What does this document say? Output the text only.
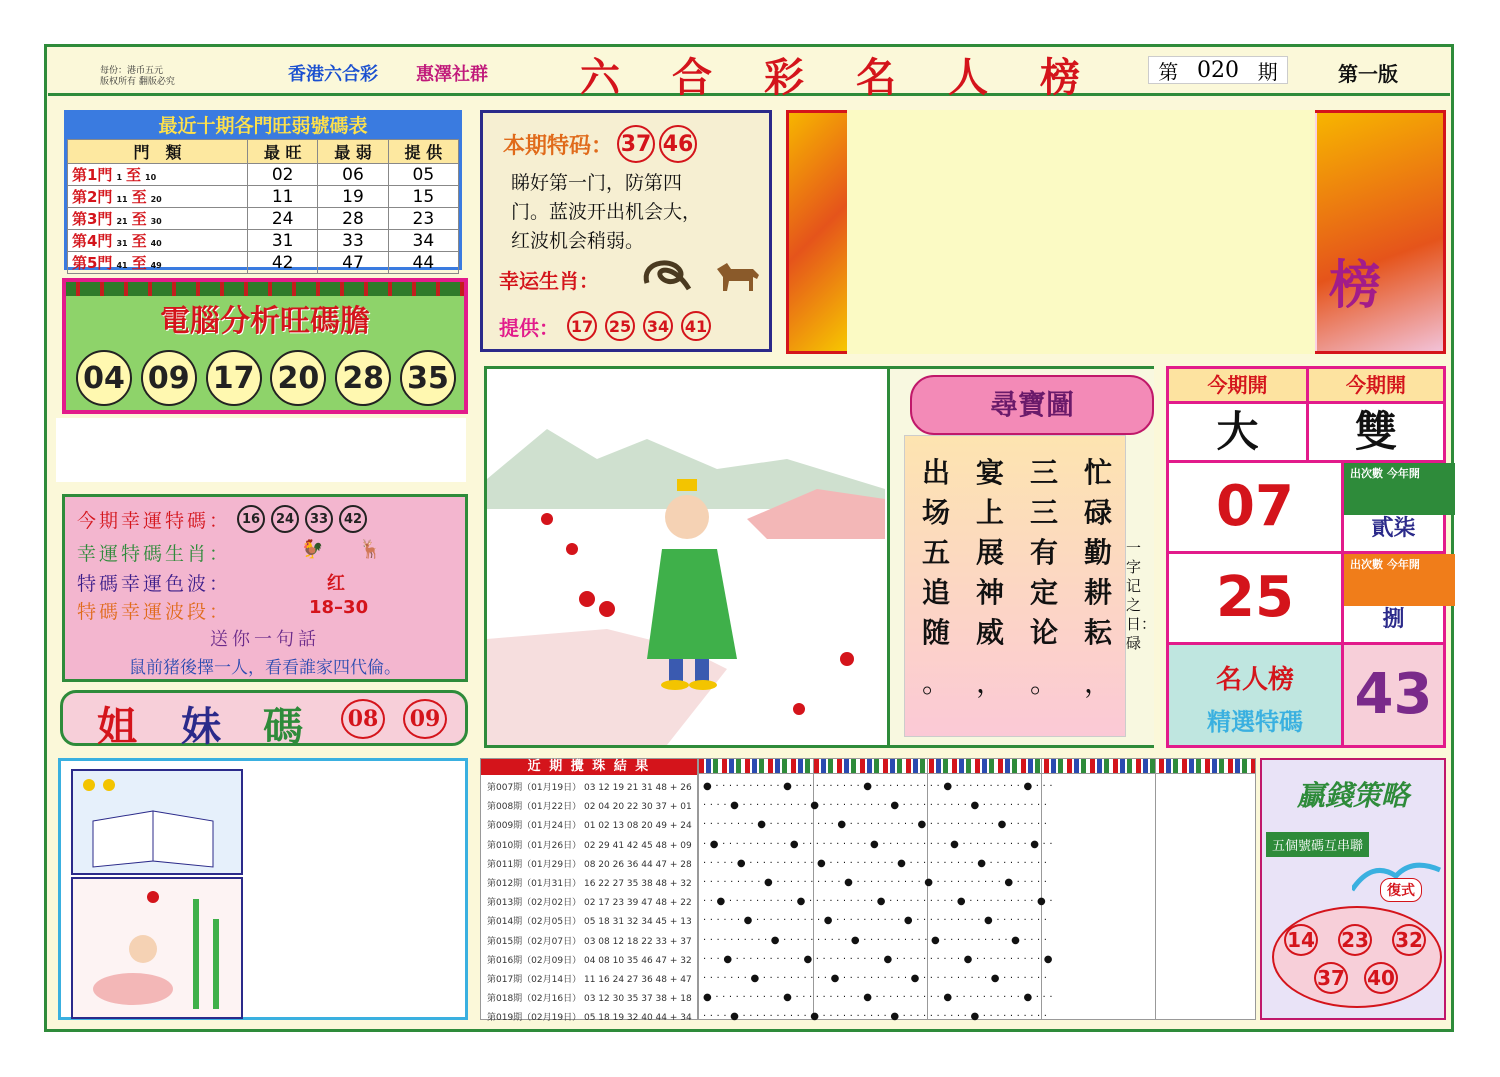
每份：港币五元
版权所有 翻版必究	香港六合彩 惠澤社群	六 合 彩 名 人 榜	第 020 期	第一版
最近十期各門旺弱號碼表
門　類	最 旺	最 弱	提 供
第1門 1 至 10	02	06	05
第2門 11 至 20	11	19	15
第3門 21 至 30	24	28	23
第4門 31 至 40	31	33	34
第5門 41 至 49	42	47	44
電腦分析旺碼膽
04 09 17 20 28 35
本期特码： 37 46
睇好第一门，防第四
门。蓝波开出机会大，
红波机会稍弱。
幸运生肖：
提供： 17 25 34 41
榜
今期幸運特碼： 16	24	33	42
幸運特碼生肖：	🐓 🦌
特碼幸運色波：	红
特碼幸運波段：	18–30
送你一句話
鼠前猪後擇一人，看看誰家四代倫。
姐 妹 碼	08	09
尋寶圖
忙碌勤耕耘
三三有定论
宴上展神威
出场五追随
，
。
，
。
一字记之日：碌
今期開	今期開
大	雙
07
出次數 今年開
貳柒
25
出次數 今年開
捌
名人榜
精選特碼 43
近 期 攪 珠 結 果
第007期（01月19日） 03 12 19 21 31 48 + 26
第008期（01月22日） 02 04 20 22 30 37 + 01
第009期（01月24日） 01 02 13 08 20 49 + 24
第010期（01月26日） 02 29 41 42 45 48 + 09
第011期（01月29日） 08 20 26 36 44 47 + 28
第012期（01月31日） 16 22 27 35 38 48 + 32
第013期（02月02日） 02 17 23 39 47 48 + 22
第014期（02月05日） 05 18 31 32 34 45 + 13
第015期（02月07日） 03 08 12 18 22 33 + 37
第016期（02月09日） 04 08 10 35 46 47 + 32
第017期（02月14日） 11 16 24 27 36 48 + 47
第018期（02月16日） 03 12 30 35 37 38 + 18
第019期（02月19日） 05 18 19 32 40 44 + 34
●··········●··········●··········●··········●···
····●··········●··········●··········●··········
········●··········●··········●··········●······
·●··········●··········●··········●··········●··
·····●··········●··········●··········●·········
·········●··········●··········●··········●·····
··●··········●··········●··········●··········●·
······●··········●··········●··········●········
··········●··········●··········●··········●····
···●··········●··········●··········●··········●
·······●··········●··········●··········●·······
●··········●··········●··········●··········●···
····●··········●··········●··········●··········
贏錢策略
五個號碼互串聯
復式
14 23 32
37 40
